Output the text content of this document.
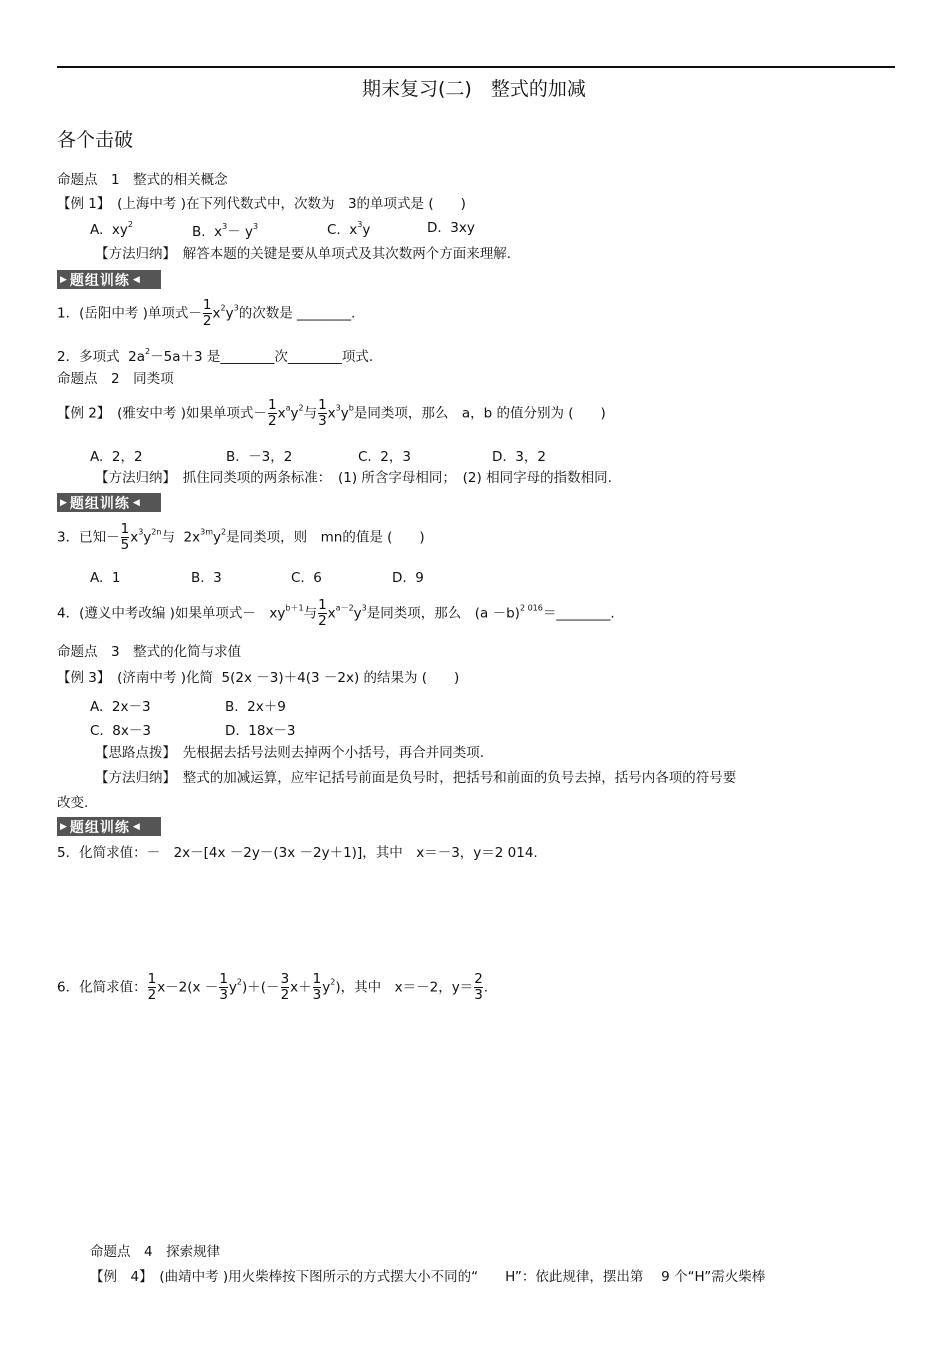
期末复习(二)　整式的加减
各个击破
命题点　1　整式的相关概念
【例 1】　 (上海中考 )在下列代数式中，次数为　3的单项式是 (　　)
A.  $xy^2$	B.  $x^3- y^3$	C.  $x^3y$	D.  3xy
【方法归纳】　解答本题的关键是要从单项式及其次数两个方面来理解.
▶ 题组训练 ◀
1．(岳阳中考 )单项式－ $\frac{1}{2} x^2y^3$的次数是 ________.
2．多项式  $2a^2-5a+3$ 是________次________项式.
命题点　2　同类项
【例 2】　 (雅安中考 )如果单项式－ $\frac{1}{2} x^ay^2$与 $\frac{1}{3} x^3y^b$是同类项，那么　a，b 的值分别为 (　　)
A.  2，2	B.  －3，2	C.  2，3	D.  3，2
【方法归纳】　抓住同类项的两条标准：　(1) 所含字母相同；　(2) 相同字母的指数相同.
▶ 题组训练 ◀
3．已知－ $\frac{1}{5} x^3y^{2n}$与  $2x^{3m}y^2$是同类项，则　mn的值是 (　　)
A.  1	B.  3	C.  6	D.  9
4．(遵义中考改编 )如果单项式－　$xy^{b+1}$与 $\frac{1}{2} x^{a-2}y^3$是同类项，那么　$(a -b)^{2 016}=\_\_\_\_\_\_\_\_$.
命题点　3　整式的化简与求值
【例 3】　 (济南中考 )化简  5(2x －3)＋4(3 －2x) 的结果为 (　　)
A.  2x－3	B.  2x＋9
C.  8x－3	D.  18x－3
【思路点拨】　先根据去括号法则去掉两个小括号，再合并同类项.
【方法归纳】　整式的加减运算，应牢记括号前面是负号时，把括号和前面的负号去掉，括号内各项的符号要
改变.
▶ 题组训练 ◀
5．化简求值：－　2x－[4x －2y－(3x －2y＋1)]，其中　x＝－3，y＝2 014.
6．化简求值： $\frac{1}{2} x-2(x - \frac{1}{3} y^2)+(- \frac{3}{2} x+ \frac{1}{3} y^2)$，其中　x＝－2，$y= \frac{2}{3}$ .
命题点　4　探索规律
【例　4】　 (曲靖中考 )用火柴棒按下图所示的方式摆大小不同的“　　H”：依此规律，摆出第　 9 个“H”需火柴棒
